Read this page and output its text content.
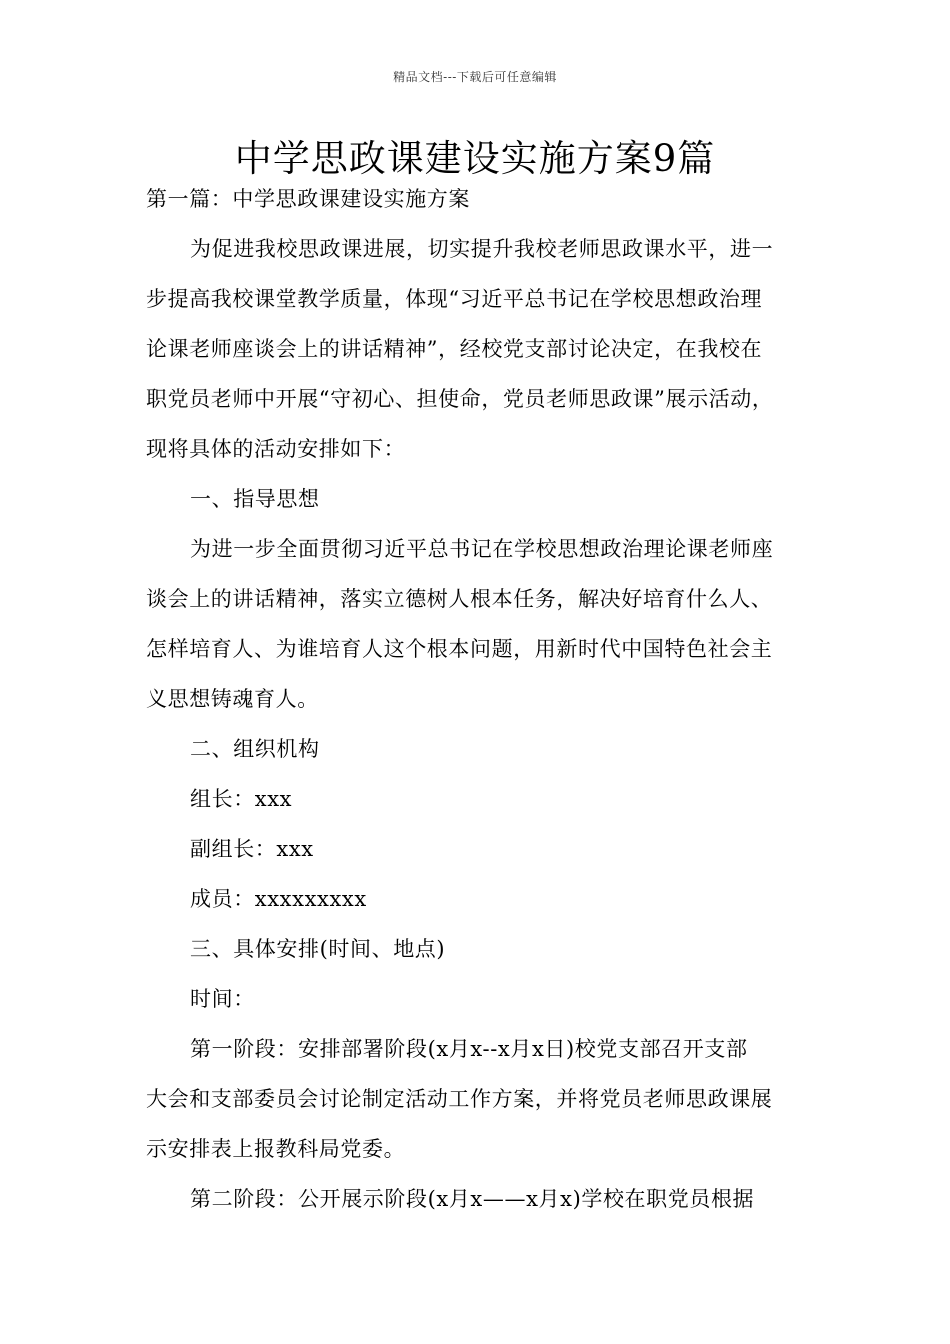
精品文档---下载后可任意编辑
中学思政课建设实施方案9篇
第一篇：中学思政课建设实施方案
为促进我校思政课进展，切实提升我校老师思政课水平，进一
步提高我校课堂教学质量，体现“习近平总书记在学校思想政治理
论课老师座谈会上的讲话精神”，经校党支部讨论决定，在我校在
职党员老师中开展“守初心、担使命，党员老师思政课”展示活动，
现将具体的活动安排如下：
一、指导思想
为进一步全面贯彻习近平总书记在学校思想政治理论课老师座
谈会上的讲话精神，落实立德树人根本任务，解决好培育什么人、
怎样培育人、为谁培育人这个根本问题，用新时代中国特色社会主
义思想铸魂育人。
二、组织机构
组长：xxx
副组长：xxx
成员：xxxxxxxxx
三、具体安排(时间、地点)
时间：
第一阶段：安排部署阶段(x月x--x月x日)校党支部召开支部
大会和支部委员会讨论制定活动工作方案，并将党员老师思政课展
示安排表上报教科局党委。
第二阶段：公开展示阶段(x月x——x月x)学校在职党员根据
